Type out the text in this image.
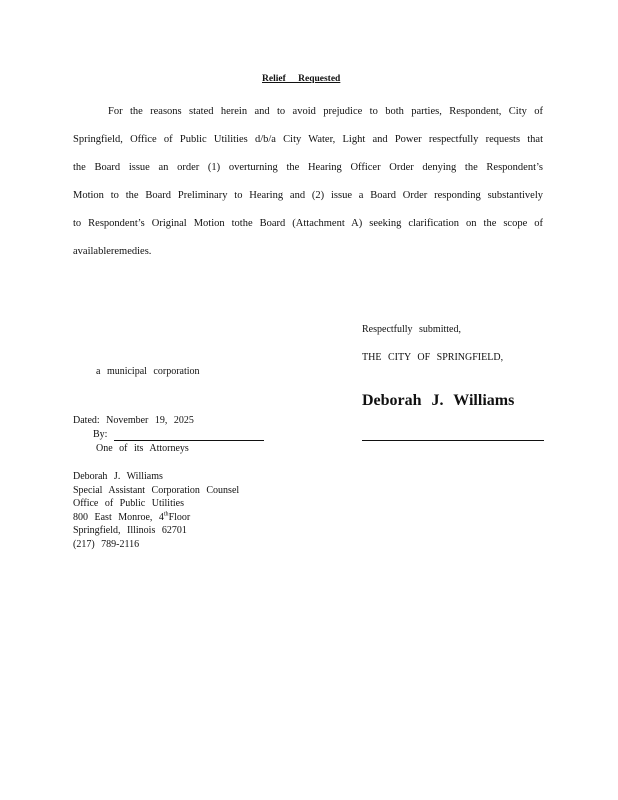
Relief Requested
For the reasons stated herein and to avoid prejudice to both parties, Respondent, City of Springfield, Office of Public Utilities d/b/a City Water, Light and Power respectfully requests that the Board issue an order (1) overturning the Hearing Officer Order denying the Respondent’s Motion to the Board Preliminary to Hearing and (2) issue a Board Order responding substantively to Respondent’s Original Motion tothe Board (Attachment A) seeking clarification on the scope of availableremedies.
Respectfully submitted,
THE CITY OF SPRINGFIELD,
a municipal corporation
Deborah J. Williams
Dated: November 19, 2025
By:
One of its Attorneys
Deborah J. Williams
Special Assistant Corporation Counsel
Office of Public Utilities
800 East Monroe, 4thFloor
Springfield, Illinois 62701
(217) 789-2116
